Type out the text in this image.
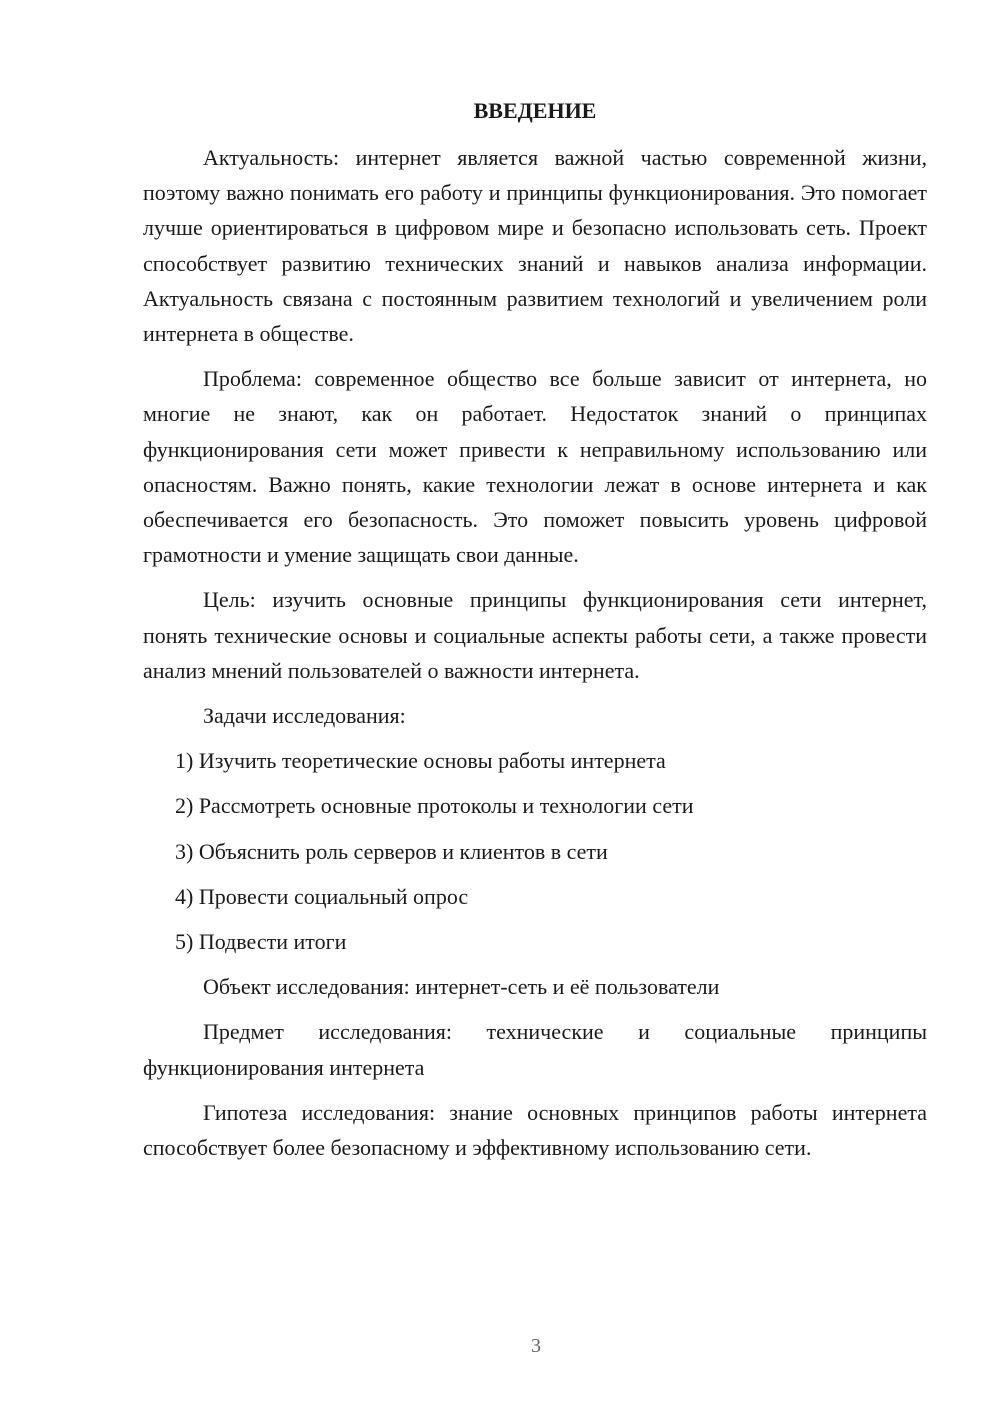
ВВЕДЕНИЕ

Актуальность: интернет является важной частью современной жизни, поэтому важно понимать его работу и принципы функционирования. Это помогает лучше ориентироваться в цифровом мире и безопасно использовать сеть. Проект способствует развитию технических знаний и навыков анализа информации. Актуальность связана с постоянным развитием технологий и увеличением роли интернета в обществе.

Проблема: современное общество все больше зависит от интернета, но многие не знают, как он работает. Недостаток знаний о принципах функционирования сети может привести к неправильному использованию или опасностям. Важно понять, какие технологии лежат в основе интернета и как обеспечивается его безопасность. Это поможет повысить уровень цифровой грамотности и умение защищать свои данные.

Цель: изучить основные принципы функционирования сети интернет, понять технические основы и социальные аспекты работы сети, а также провести анализ мнений пользователей о важности интернета.

Задачи исследования:

1) Изучить теоретические основы работы интернета
2) Рассмотреть основные протоколы и технологии сети
3) Объяснить роль серверов и клиентов в сети
4) Провести социальный опрос
5) Подвести итоги

Объект исследования: интернет-сеть и её пользователи

Предмет исследования: технические и социальные принципы функционирования интернета

Гипотеза исследования: знание основных принципов работы интернета способствует более безопасному и эффективному использованию сети.

3
